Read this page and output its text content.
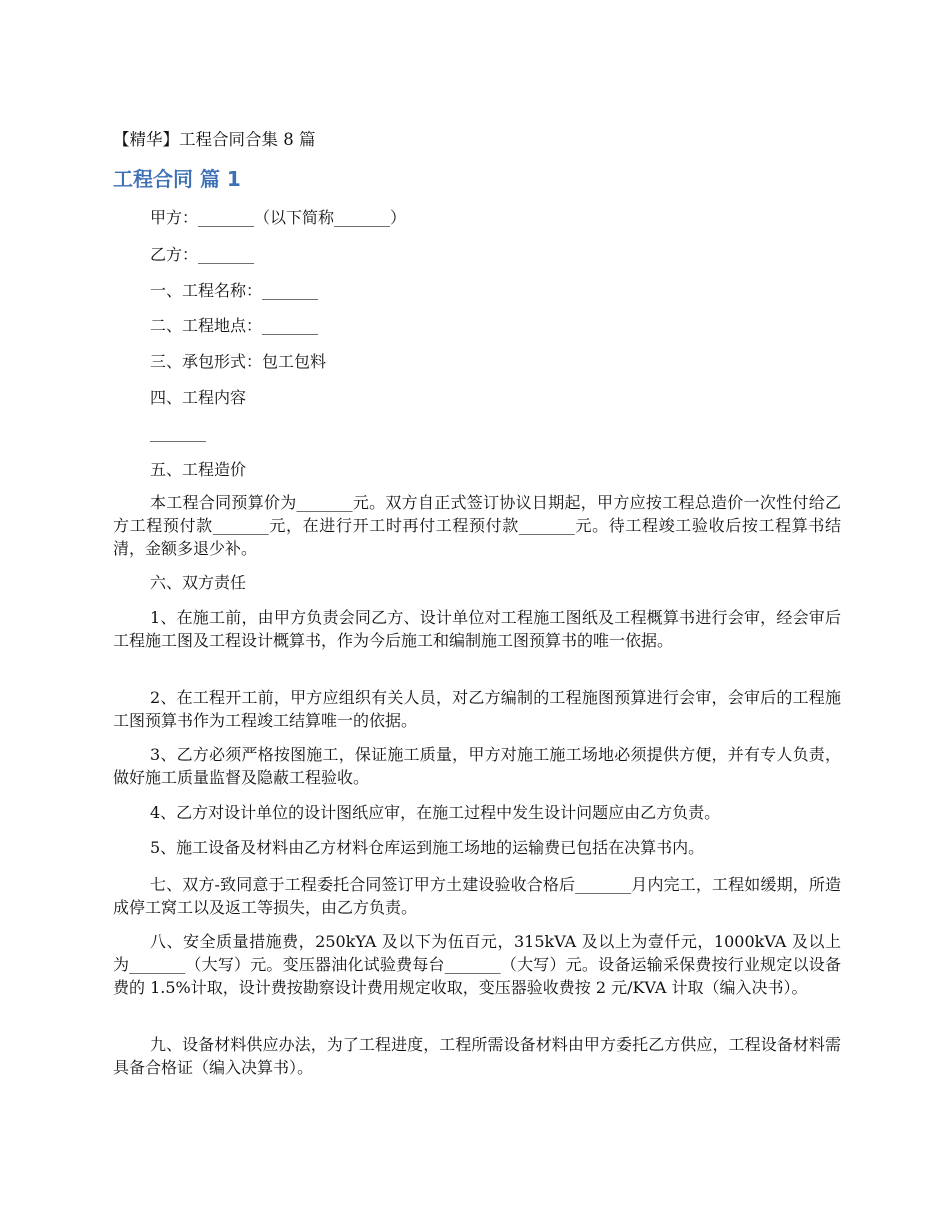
【精华】工程合同合集 8 篇
工程合同 篇 1
甲方：_______（以下简称_______）
乙方：_______
一、工程名称：_______
二、工程地点：_______
三、承包形式：包工包料
四、工程内容
_______
五、工程造价
本工程合同预算价为_______元。双方自正式签订协议日期起，甲方应按工程总造价一次性付给乙方工程预付款_______元，在进行开工时再付工程预付款_______元。待工程竣工验收后按工程算书结清，金额多退少补。
六、双方责任
1、在施工前，由甲方负责会同乙方、设计单位对工程施工图纸及工程概算书进行会审，经会审后工程施工图及工程设计概算书，作为今后施工和编制施工图预算书的唯一依据。
2、在工程开工前，甲方应组织有关人员，对乙方编制的工程施图预算进行会审，会审后的工程施工图预算书作为工程竣工结算唯一的依据。
3、乙方必须严格按图施工，保证施工质量，甲方对施工施工场地必须提供方便，并有专人负责，做好施工质量监督及隐蔽工程验收。
4、乙方对设计单位的设计图纸应审，在施工过程中发生设计问题应由乙方负责。
5、施工设备及材料由乙方材料仓库运到施工场地的运输费已包括在决算书内。
七、双方-致同意于工程委托合同签订甲方土建设验收合格后_______月内完工，工程如缓期，所造成停工窝工以及返工等损失，由乙方负责。
八、安全质量措施费，250kYA 及以下为伍百元，315kVA 及以上为壹仟元，1000kVA 及以上为_______（大写）元。变压器油化试验费每台_______（大写）元。设备运输采保费按行业规定以设备费的 1.5%计取，设计费按勘察设计费用规定收取，变压器验收费按 2 元/KVA 计取（编入决书）。
九、设备材料供应办法，为了工程进度，工程所需设备材料由甲方委托乙方供应，工程设备材料需具备合格证（编入决算书）。
